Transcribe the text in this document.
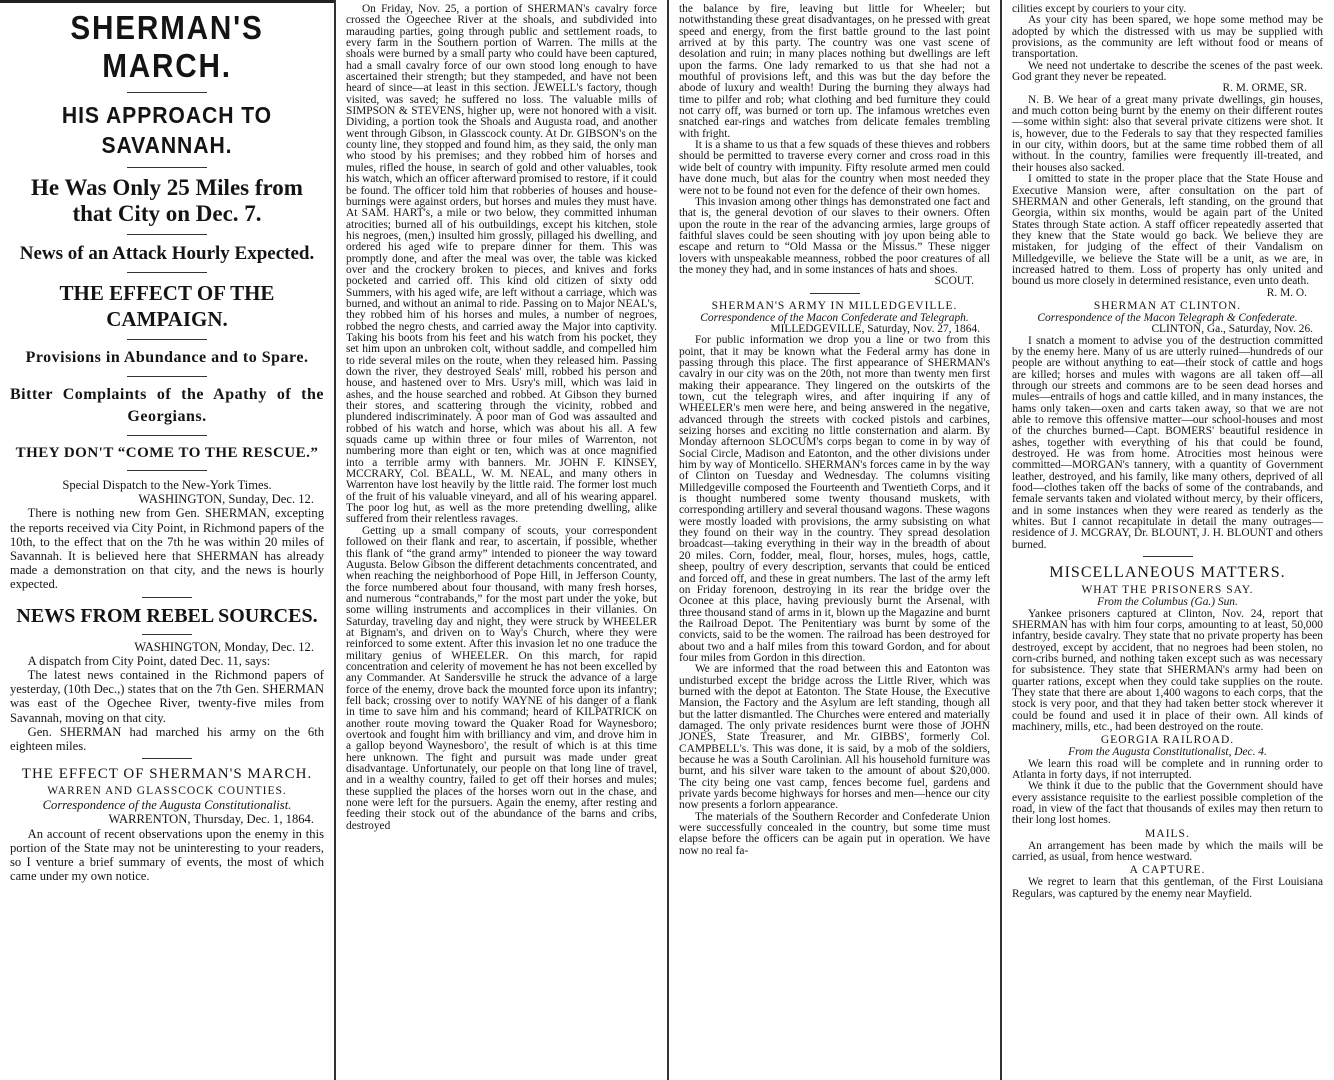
SHERMAN'S MARCH.
HIS APPROACH TO SAVANNAH.
He Was Only 25 Miles from that City on Dec. 7.
News of an Attack Hourly Expected.
THE EFFECT OF THE CAMPAIGN.
Provisions in Abundance and to Spare.
Bitter Complaints of the Apathy of the Georgians.
THEY DON'T “COME TO THE RESCUE.”
Special Dispatch to the New-York Times.
WASHINGTON, Sunday, Dec. 12.

There is nothing new from Gen. SHERMAN, excepting the reports received via City Point, in Richmond papers of the 10th, to the effect that on the 7th he was within 20 miles of Savannah. It is believed here that SHERMAN has already made a demonstration on that city, and the news is hourly expected.

NEWS FROM REBEL SOURCES.
WASHINGTON, Monday, Dec. 12.

A dispatch from City Point, dated Dec. 11, says:

The latest news contained in the Richmond papers of yesterday, (10th Dec.,) states that on the 7th Gen. SHERMAN was east of the Ogechee River, twenty-five miles from Savannah, moving on that city.

Gen. SHERMAN had marched his army on the 6th eighteen miles.

THE EFFECT OF SHERMAN'S MARCH.
WARREN AND GLASSCOCK COUNTIES.
Correspondence of the Augusta Constitutionalist.
WARRENTON, Thursday, Dec. 1, 1864.

An account of recent observations upon the enemy in this portion of the State may not be uninteresting to your readers, so I venture a brief summary of events, the most of which came under my own notice.

On Friday, Nov. 25, a portion of SHERMAN's cavalry force crossed the Ogeechee River at the shoals, and subdivided into marauding parties, going through public and settlement roads, to every farm in the Southern portion of Warren. The mills at the shoals were burned by a small party who could have been captured, had a small cavalry force of our own stood long enough to have ascertained their strength; but they stampeded, and have not been heard of since—at least in this section. JEWELL's factory, though visited, was saved; he suffered no loss. The valuable mills of SIMPSON & STEVENS, higher up, were not honored with a visit. Dividing, a portion took the Shoals and Augusta road, and another went through Gibson, in Glasscock county. At Dr. GIBSON's on the county line, they stopped and found him, as they said, the only man who stood by his premises; and they robbed him of horses and mules, rifled the house, in search of gold and other valuables, took his watch, which an officer afterward promised to restore, if it could be found. The officer told him that robberies of houses and house-burnings were against orders, but horses and mules they must have. At SAM. HART's, a mile or two below, they committed inhuman atrocities; burned all of his outbuildings, except his kitchen, stole his negroes, (men,) insulted him grossly, pillaged his dwelling, and ordered his aged wife to prepare dinner for them. This was promptly done, and after the meal was over, the table was kicked over and the crockery broken to pieces, and knives and forks pocketed and carried off. This kind old citizen of sixty odd Summers, with his aged wife, are left without a carriage, which was burned, and without an animal to ride. Passing on to Major NEAL's, they robbed him of his horses and mules, a number of negroes, robbed the negro chests, and carried away the Major into captivity. Taking his boots from his feet and his watch from his pocket, they set him upon an unbroken colt, without saddle, and compelled him to ride several miles on the route, when they released him. Passing down the river, they destroyed Seals' mill, robbed his person and house, and hastened over to Mrs. Usry's mill, which was laid in ashes, and the house searched and robbed. At Gibson they burned their stores, and scattering through the vicinity, robbed and plundered indiscriminately. A poor man of God was assaulted and robbed of his watch and horse, which was about his all. A few squads came up within three or four miles of Warrenton, not numbering more than eight or ten, which was at once magnified into a terrible army with banners. Mr. JOHN F. KINSEY, MCCRARY, Col. BEALL, W. M. NEAL, and many others in Warrenton have lost heavily by the little raid. The former lost much of the fruit of his valuable vineyard, and all of his wearing apparel. The poor log hut, as well as the more pretending dwelling, alike suffered from their relentless ravages.

Getting up a small company of scouts, your correspondent followed on their flank and rear, to ascertain, if possible, whether this flank of “the grand army” intended to pioneer the way toward Augusta. Below Gibson the different detachments concentrated, and when reaching the neighborhood of Pope Hill, in Jefferson County, the force numbered about four thousand, with many fresh horses, and numerous “contrabands,” for the most part under the yoke, but some willing instruments and accomplices in their villanies. On Saturday, traveling day and night, they were struck by WHEELER at Bignam's, and driven on to Way's Church, where they were reinforced to some extent. After this invasion let no one traduce the military genius of WHEELER. On this march, for rapid concentration and celerity of movement he has not been excelled by any Commander. At Sandersville he struck the advance of a large force of the enemy, drove back the mounted force upon its infantry; fell back; crossing over to notify WAYNE of his danger of a flank in time to save him and his command; heard of KILPATRICK on another route moving toward the Quaker Road for Waynesboro; overtook and fought him with brilliancy and vim, and drove him in a gallop beyond Waynesboro', the result of which is at this time here unknown. The fight and pursuit was made under great disadvantage. Unfortunately, our people on that long line of travel, and in a wealthy country, failed to get off their horses and mules; these supplied the places of the horses worn out in the chase, and none were left for the pursuers. Again the enemy, after resting and feeding their stock out of the abundance of the barns and cribs, destroyed

the balance by fire, leaving but little for Wheeler; but notwithstanding these great disadvantages, on he pressed with great speed and energy, from the first battle ground to the last point arrived at by this party. The country was one vast scene of desolation and ruin; in many places nothing but dwellings are left upon the farms. One lady remarked to us that she had not a mouthful of provisions left, and this was but the day before the abode of luxury and wealth! During the burning they always had time to pilfer and rob; what clothing and bed furniture they could not carry off, was burned or torn up. The infamous wretches even snatched ear-rings and watches from delicate females trembling with fright.

It is a shame to us that a few squads of these thieves and robbers should be permitted to traverse every corner and cross road in this wide belt of country with impunity. Fifty resolute armed men could have done much, but alas for the country when most needed they were not to be found not even for the defence of their own homes.

This invasion among other things has demonstrated one fact and that is, the general devotion of our slaves to their owners. Often upon the route in the rear of the advancing armies, large groups of faithful slaves could be seen shouting with joy upon being able to escape and return to “Old Massa or the Missus.” These nigger lovers with unspeakable meanness, robbed the poor creatures of all the money they had, and in some instances of hats and shoes.

SCOUT.
SHERMAN'S ARMY IN MILLEDGEVILLE.
Correspondence of the Macon Confederate and Telegraph.
MILLEDGEVILLE, Saturday, Nov. 27, 1864.

For public information we drop you a line or two from this point, that it may be known what the Federal army has done in passing through this place. The first appearance of SHERMAN's cavalry in our city was on the 20th, not more than twenty men first making their appearance. They lingered on the outskirts of the town, cut the telegraph wires, and after inquiring if any of WHEELER's men were here, and being answered in the negative, advanced through the streets with cocked pistols and carbines, seizing horses and exciting no little consternation and alarm. By Monday afternoon SLOCUM's corps began to come in by way of Social Circle, Madison and Eatonton, and the other divisions under him by way of Monticello. SHERMAN's forces came in by the way of Clinton on Tuesday and Wednesday. The columns visiting Milledgeville composed the Fourteenth and Twentieth Corps, and it is thought numbered some twenty thousand muskets, with corresponding artillery and several thousand wagons. These wagons were mostly loaded with provisions, the army subsisting on what they found on their way in the country. They spread desolation broadcast—taking everything in their way in the breadth of about 20 miles. Corn, fodder, meal, flour, horses, mules, hogs, cattle, sheep, poultry of every description, servants that could be enticed and forced off, and these in great numbers. The last of the army left on Friday forenoon, destroying in its rear the bridge over the Oconee at this place, having previously burnt the Arsenal, with three thousand stand of arms in it, blown up the Magazine and burnt the Railroad Depot. The Penitentiary was burnt by some of the convicts, said to be the women. The railroad has been destroyed for about two and a half miles from this toward Gordon, and for about four miles from Gordon in this direction.

We are informed that the road between this and Eatonton was undisturbed except the bridge across the Little River, which was burned with the depot at Eatonton. The State House, the Executive Mansion, the Factory and the Asylum are left standing, though all but the latter dismantled. The Churches were entered and materially damaged. The only private residences burnt were those of JOHN JONES, State Treasurer, and Mr. GIBBS', formerly Col. CAMPBELL's. This was done, it is said, by a mob of the soldiers, because he was a South Carolinian. All his household furniture was burnt, and his silver ware taken to the amount of about $20,000. The city being one vast camp, fences become fuel, gardens and private yards become highways for horses and men—hence our city now presents a forlorn appearance.

The materials of the Southern Recorder and Confederate Union were successfully concealed in the country, but some time must elapse before the officers can be again put in operation. We have now no real fa-

cilities except by couriers to your city.

As your city has been spared, we hope some method may be adopted by which the distressed with us may be supplied with provisions, as the community are left without food or means of transportation.

We need not undertake to describe the scenes of the past week. God grant they never be repeated.

R. M. ORME, SR.

N. B. We hear of a great many private dwellings, gin houses, and much cotton being burnt by the enemy on their different routes—some within sight: also that several private citizens were shot. It is, however, due to the Federals to say that they respected families in our city, within doors, but at the same time robbed them of all without. In the country, families were frequently ill-treated, and their houses also sacked.

I omitted to state in the proper place that the State House and Executive Mansion were, after consultation on the part of SHERMAN and other Generals, left standing, on the ground that Georgia, within six months, would be again part of the United States through State action. A staff officer repeatedly asserted that they knew that the State would go back. We believe they are mistaken, for judging of the effect of their Vandalism on Milledgeville, we believe the State will be a unit, as we are, in increased hatred to them. Loss of property has only united and bound us more closely in determined resistance, even unto death.

R. M. O.
SHERMAN AT CLINTON.
Correspondence of the Macon Telegraph & Confederate.
CLINTON, Ga., Saturday, Nov. 26.

I snatch a moment to advise you of the destruction committed by the enemy here. Many of us are utterly ruined—hundreds of our people are without anything to eat—their stock of cattle and hogs are killed; horses and mules with wagons are all taken off—all through our streets and commons are to be seen dead horses and mules—entrails of hogs and cattle killed, and in many instances, the hams only taken—oxen and carts taken away, so that we are not able to remove this offensive matter—our school-houses and most of the churches burned—Capt. BOMERS' beautiful residence in ashes, together with everything of his that could be found, destroyed. He was from home. Atrocities most heinous were committed—MORGAN's tannery, with a quantity of Government leather, destroyed, and his family, like many others, deprived of all food—clothes taken off the backs of some of the contrabands, and female servants taken and violated without mercy, by their officers, and in some instances when they were reared as tenderly as the whites. But I cannot recapitulate in detail the many outrages—residence of J. MCGRAY, Dr. BLOUNT, J. H. BLOUNT and others burned.

MISCELLANEOUS MATTERS.
WHAT THE PRISONERS SAY.
From the Columbus (Ga.) Sun.

Yankee prisoners captured at Clinton, Nov. 24, report that SHERMAN has with him four corps, amounting to at least, 50,000 infantry, beside cavalry. They state that no private property has been destroyed, except by accident, that no negroes had been stolen, no corn-cribs burned, and nothing taken except such as was necessary for subsistence. They state that SHERMAN's army had been on quarter rations, except when they could take supplies on the route. They state that there are about 1,400 wagons to each corps, that the stock is very poor, and that they had taken better stock wherever it could be found and used it in place of their own. All kinds of machinery, mills, etc., had been destroyed on the route.

GEORGIA RAILROAD.
From the Augusta Constitutionalist, Dec. 4.

We learn this road will be complete and in running order to Atlanta in forty days, if not interrupted.

We think it due to the public that the Government should have every assistance requisite to the earliest possible completion of the road, in view of the fact that thousands of exiles may then return to their long lost homes.

MAILS.

An arrangement has been made by which the mails will be carried, as usual, from hence westward.

A CAPTURE.

We regret to learn that this gentleman, of the First Louisiana Regulars, was captured by the enemy near Mayfield.
